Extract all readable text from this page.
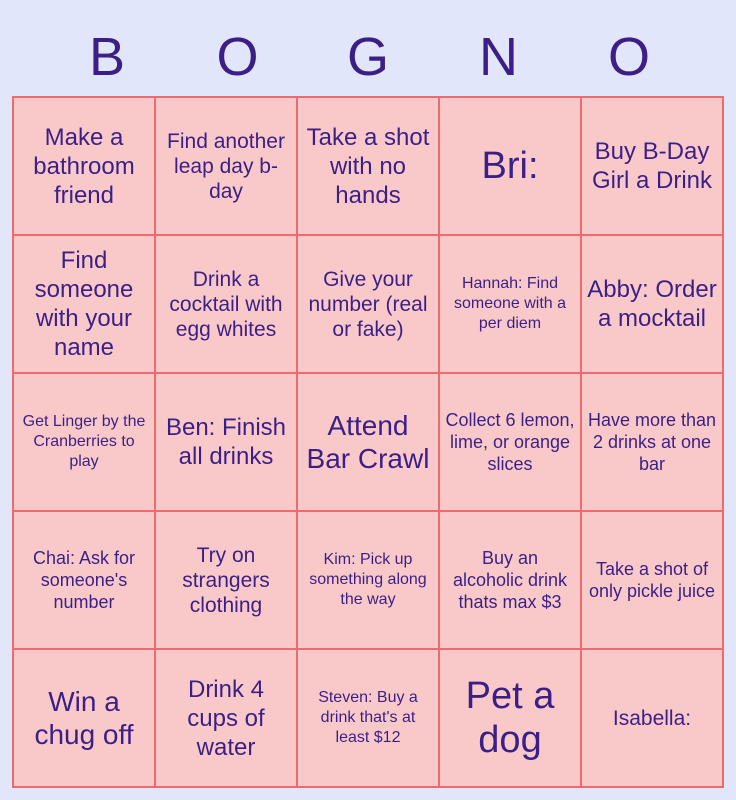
B	O	G	N	O
Make a bathroom friend	Find another leap day b-day	Take a shot with no hands	Bri:	Buy B-Day Girl a Drink

Find someone with your name	Drink a cocktail with egg whites	Give your number (real or fake)	Hannah: Find someone with a per diem	Abby: Order a mocktail

Get Linger by the Cranberries to play	Ben: Finish all drinks	Attend Bar Crawl	Collect 6 lemon, lime, or orange slices	Have more than 2 drinks at one bar

Chai: Ask for someone's number	Try on strangers clothing	Kim: Pick up something along the way	Buy an alcoholic drink thats max $3	Take a shot of only pickle juice

Win a chug off	Drink 4 cups of water	Steven: Buy a drink that's at least $12	Pet a dog	Isabella:
